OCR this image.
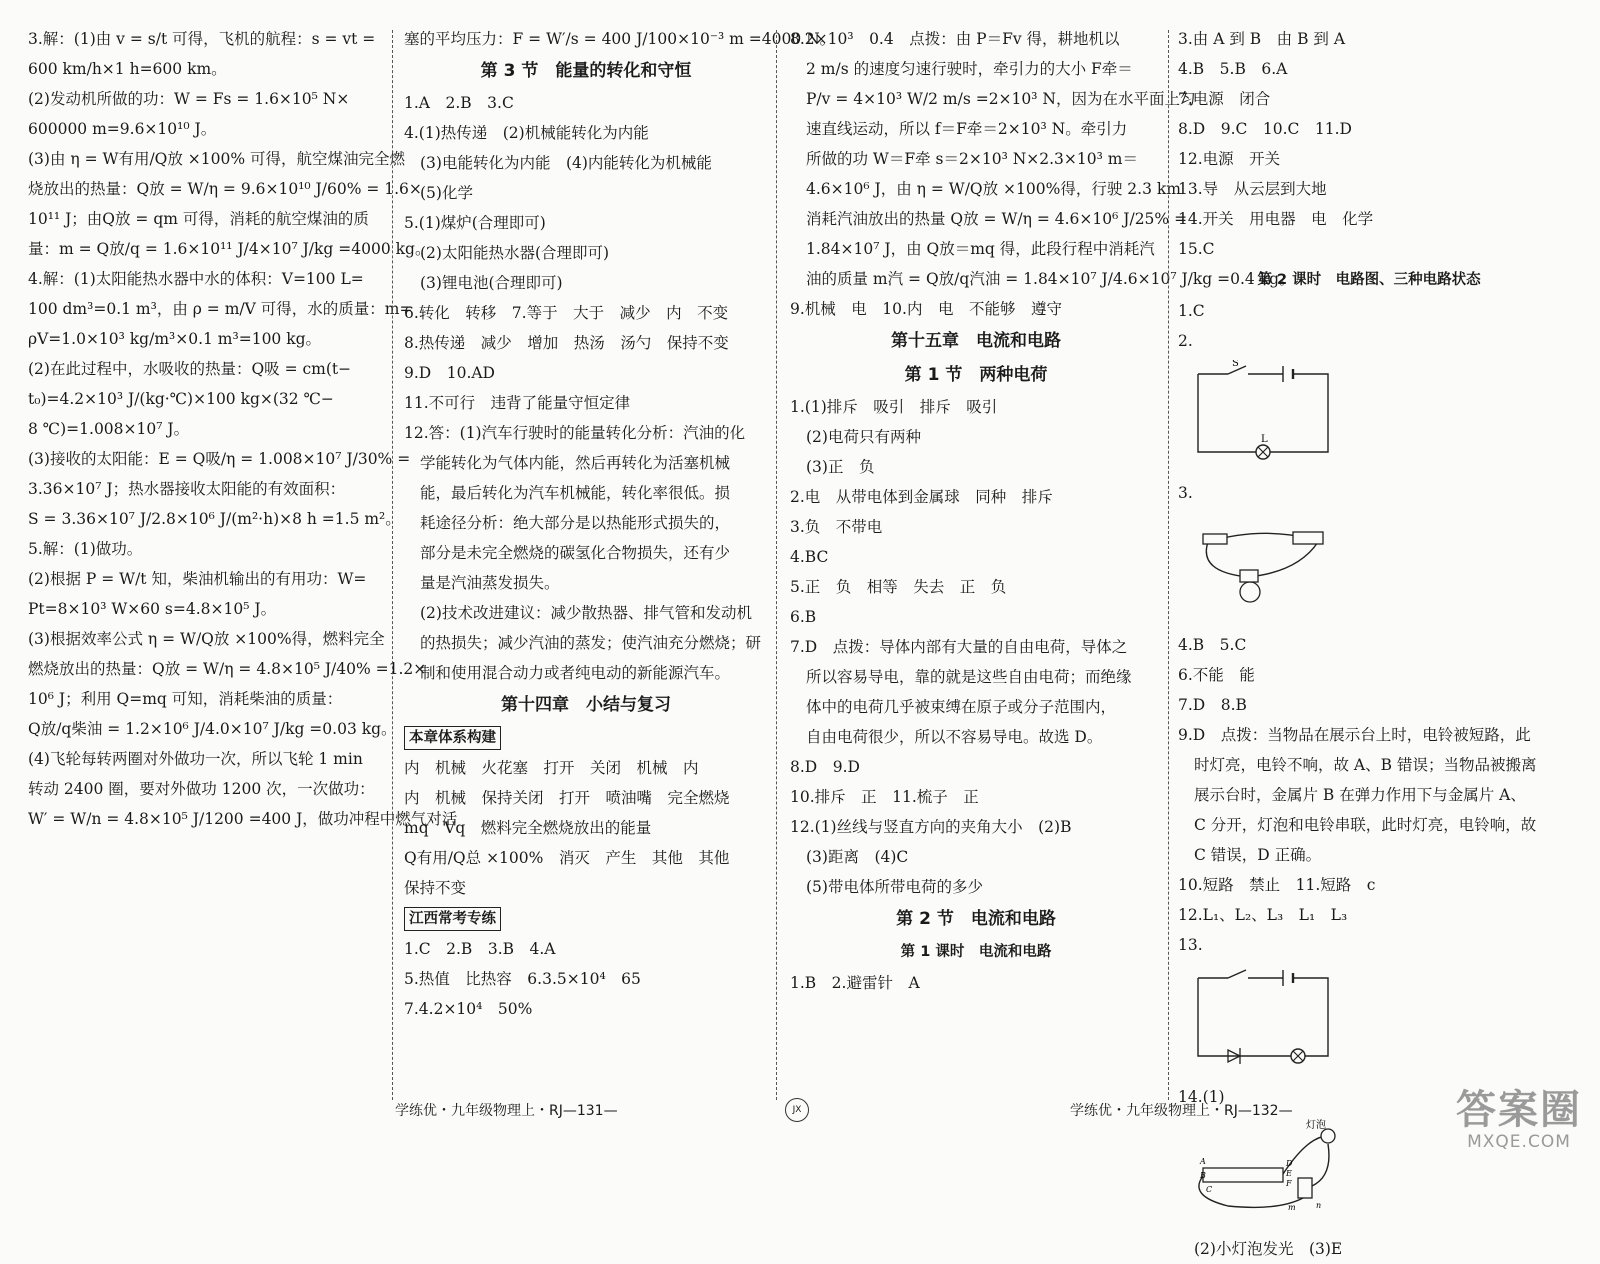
3.解：(1)由 v = s/t 可得，飞机的航程：s = vt =
600 km/h×1 h=600 km。
(2)发动机所做的功：W = Fs = 1.6×10⁵ N×
600000 m=9.6×10¹⁰ J。
(3)由 η = W有用/Q放 ×100% 可得，航空煤油完全燃
烧放出的热量：Q放 = W/η = 9.6×10¹⁰ J/60% = 1.6×
10¹¹ J；由Q放 = qm 可得，消耗的航空煤油的质
量：m = Q放/q = 1.6×10¹¹ J/4×10⁷ J/kg =4000 kg。
4.解：(1)太阳能热水器中水的体积：V=100 L=
100 dm³=0.1 m³，由 ρ = m/V 可得，水的质量：m=
ρV=1.0×10³ kg/m³×0.1 m³=100 kg。
(2)在此过程中，水吸收的热量：Q吸 = cm(t−
t₀)=4.2×10³ J/(kg·℃)×100 kg×(32 ℃−
8 ℃)=1.008×10⁷ J。
(3)接收的太阳能：E = Q吸/η = 1.008×10⁷ J/30% =
3.36×10⁷ J；热水器接收太阳能的有效面积：
S = 3.36×10⁷ J/2.8×10⁶ J/(m²·h)×8 h =1.5 m²。
5.解：(1)做功。
(2)根据 P = W/t 知，柴油机输出的有用功：W=
Pt=8×10³ W×60 s=4.8×10⁵ J。
(3)根据效率公式 η = W/Q放 ×100%得，燃料完全
燃烧放出的热量：Q放 = W/η = 4.8×10⁵ J/40% =1.2×
10⁶ J；利用 Q=mq 可知，消耗柴油的质量：
Q放/q柴油 = 1.2×10⁶ J/4.0×10⁷ J/kg =0.03 kg。
(4)飞轮每转两圈对外做功一次，所以飞轮 1 min
转动 2400 圈，要对外做功 1200 次，一次做功：
W′ = W/n = 4.8×10⁵ J/1200 =400 J，做功冲程中燃气对活
塞的平均压力：F = W′/s = 400 J/100×10⁻³ m =4000 N。
第 3 节　能量的转化和守恒
1.A　2.B　3.C
4.(1)热传递　(2)机械能转化为内能
(3)电能转化为内能　(4)内能转化为机械能
(5)化学
5.(1)煤炉(合理即可)
(2)太阳能热水器(合理即可)
(3)锂电池(合理即可)
6.转化　转移　7.等于　大于　减少　内　不变
8.热传递　减少　增加　热汤　汤勺　保持不变
9.D　10.AD
11.不可行　违背了能量守恒定律
12.答：(1)汽车行驶时的能量转化分析：汽油的化
学能转化为气体内能，然后再转化为活塞机械
能，最后转化为汽车机械能，转化率很低。损
耗途径分析：绝大部分是以热能形式损失的，
部分是未完全燃烧的碳氢化合物损失，还有少
量是汽油蒸发损失。
(2)技术改进建议：减少散热器、排气管和发动机
的热损失；减少汽油的蒸发；使汽油充分燃烧；研
制和使用混合动力或者纯电动的新能源汽车。
第十四章　小结与复习
本章体系构建
内　机械　火花塞　打开　关闭　机械　内
内　机械　保持关闭　打开　喷油嘴　完全燃烧
mq　Vq　燃料完全燃烧放出的能量
Q有用/Q总 ×100%　消灭　产生　其他　其他
保持不变
江西常考专练
1.C　2.B　3.B　4.A
5.热值　比热容　6.3.5×10⁴　65
7.4.2×10⁴　50%
8.2×10³　0.4　点拨：由 P＝Fv 得，耕地机以
2 m/s 的速度匀速行驶时，牵引力的大小 F牵＝
P/v = 4×10³ W/2 m/s =2×10³ N，因为在水平面上匀
速直线运动，所以 f＝F牵＝2×10³ N。牵引力
所做的功 W＝F牵 s＝2×10³ N×2.3×10³ m＝
4.6×10⁶ J，由 η = W/Q放 ×100%得，行驶 2.3 km
消耗汽油放出的热量 Q放 = W/η = 4.6×10⁶ J/25% =
1.84×10⁷ J，由 Q放＝mq 得，此段行程中消耗汽
油的质量 m汽 = Q放/q汽油 = 1.84×10⁷ J/4.6×10⁷ J/kg =0.4 kg。
9.机械　电　10.内　电　不能够　遵守
第十五章　电流和电路
第 1 节　两种电荷
1.(1)排斥　吸引　排斥　吸引
(2)电荷只有两种
(3)正　负
2.电　从带电体到金属球　同种　排斥
3.负　不带电
4.BC
5.正　负　相等　失去　正　负
6.B
7.D　点拨：导体内部有大量的自由电荷，导体之
所以容易导电，靠的就是这些自由电荷；而绝缘
体中的电荷几乎被束缚在原子或分子范围内，
自由电荷很少，所以不容易导电。故选 D。
8.D　9.D
10.排斥　正　11.梳子　正
12.(1)丝线与竖直方向的夹角大小　(2)B
(3)距离　(4)C
(5)带电体所带电荷的多少
第 2 节　电流和电路
第 1 课时　电流和电路
1.B　2.避雷针　A
3.由 A 到 B　由 B 到 A
4.B　5.B　6.A
7.电源　闭合
8.D　9.C　10.C　11.D
12.电源　开关
13.导　从云层到大地
14.开关　用电器　电　化学
15.C
第 2 课时　电路图、三种电路状态
1.C
2.
S
L
3.
4.B　5.C
6.不能　能
7.D　8.B
9.D　点拨：当物品在展示台上时，电铃被短路，此
时灯亮，电铃不响，故 A、B 错误；当物品被搬离
展示台时，金属片 B 在弹力作用下与金属片 A、
C 分开，灯泡和电铃串联，此时灯亮，电铃响，故
C 错误，D 正确。
10.短路　禁止　11.短路　c
12.L₁、L₂、L₃　L₁　L₃
13.
14.(1)
灯泡
A
B
C
D
E
F
m	n
(2)小灯泡发光　(3)E
学练优・九年级物理上・RJ—131—	JX	学练优・九年级物理上・RJ—132—	答案圈
MXQE.COM
